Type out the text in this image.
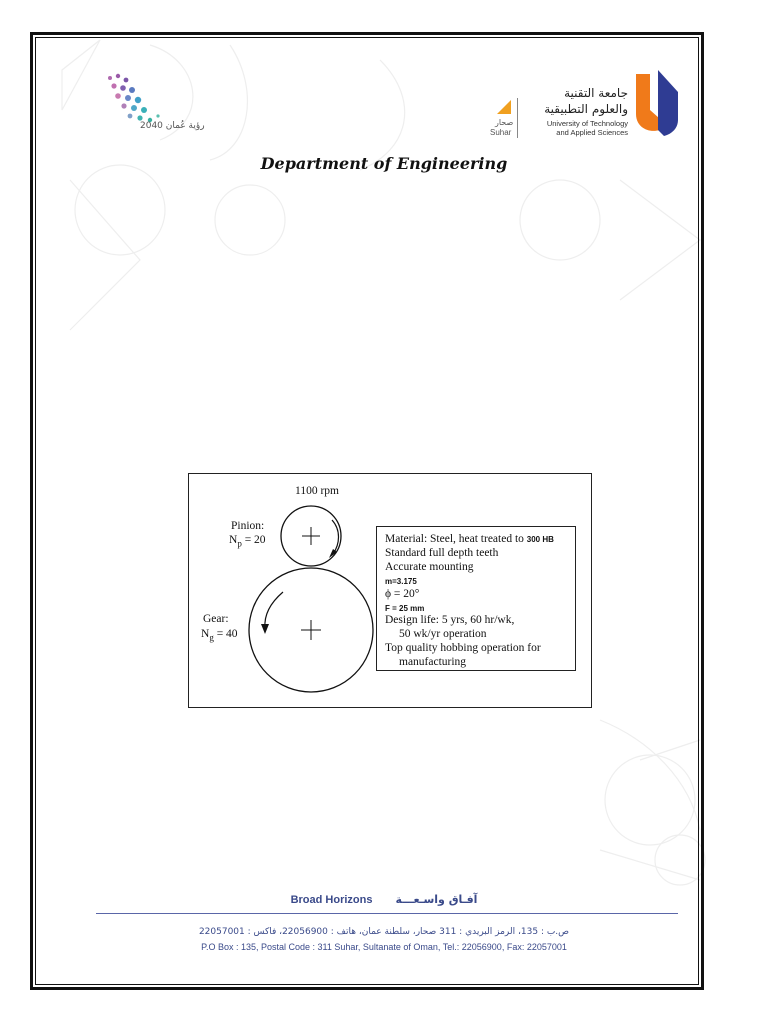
رؤية عُمان 2040	صحار
Suhar
جامعة التقنية
والعلوم التطبيقية
University of Technology
and Applied Sciences
Department of Engineering
1100 rpm
Pinion:
$N_p = 20$
Gear:
$N_g = 40$
Material: Steel, heat treated to 300 HB
Standard full depth teeth
Accurate mounting
m=3.175
ϕ = 20°
F = 25 mm
Design life: 5 yrs, 60 hr/wk,
50 wk/yr operation
Top quality hobbing operation for
manufacturing
Broad Horizons آفـاق واسـعـــة
ص.ب : 135، الرمز البريدي : 311 صحار، سلطنة عمان، هاتف : 22056900، فاكس : 22057001
P.O Box : 135, Postal Code : 311 Suhar, Sultanate of Oman, Tel.: 22056900, Fax: 22057001
